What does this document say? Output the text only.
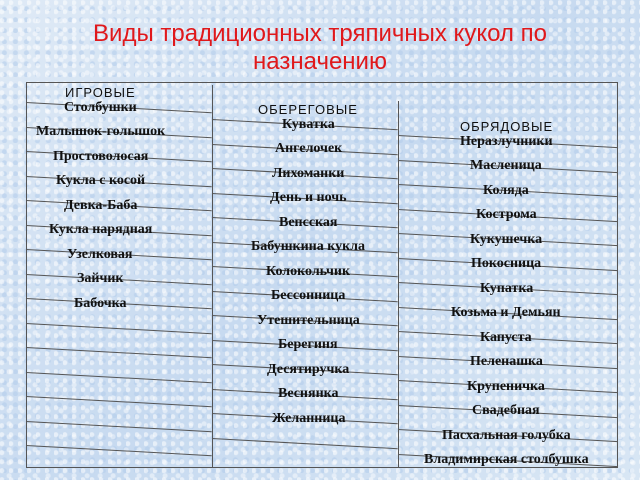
Виды традиционных тряпичных кукол по назначению
ИГРОВЫЕ
Столбушки
Малышок-голышок
Простоволосая
Кукла с косой
Девка-Баба
Кукла нарядная
Узелковая
Зайчик
Бабочка
ОБЕРЕГОВЫЕ
Куватка
Ангелочек
Лихоманки
День и ночь
Вепсская
Бабушкина кукла
Колокольчик
Бессонница
Утешительница
Берегиня
Десятиручка
Веснянка
Желанница
ОБРЯДОВЫЕ
Неразлучники
Масленица
Коляда
Кострома
Кукушечка
Покосница
Купатка
Козьма и Демьян
Капуста
Пеленашка
Крупеничка
Свадебная
Пасхальная голубка
Владимирская столбушка
